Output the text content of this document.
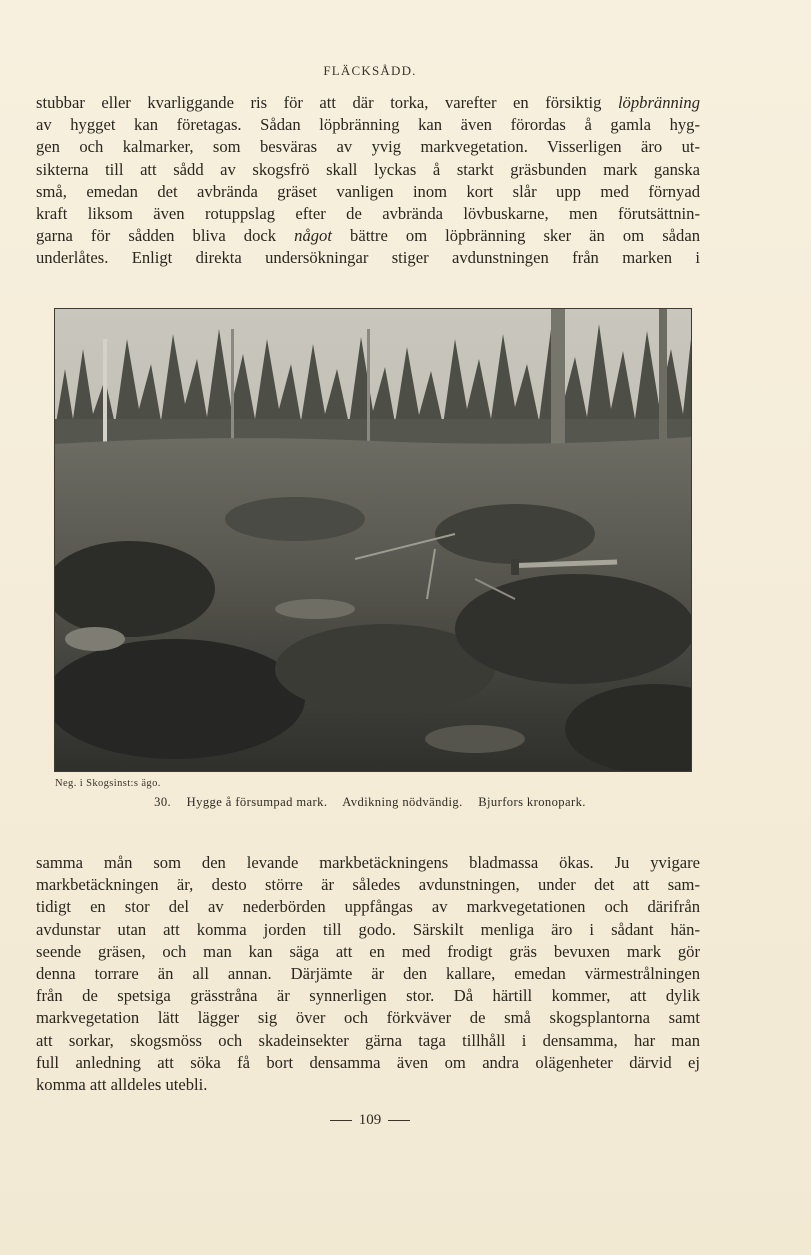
FLÄCKSÅDD.
stubbar eller kvarliggande ris för att där torka, varefter en försiktig löpbränning
av hygget kan företagas. Sådan löpbränning kan även förordas å gamla hyg-
gen och kalmarker, som besväras av yvig markvegetation. Visserligen äro ut-
sikterna till att sådd av skogsfrö skall lyckas å starkt gräsbunden mark ganska
små, emedan det avbrända gräset vanligen inom kort slår upp med förnyad
kraft liksom även rotuppslag efter de avbrända lövbuskarne, men förutsättnin-
garna för sådden bliva dock något bättre om löpbränning sker än om sådan
underlåtes. Enligt direkta undersökningar stiger avdunstningen från marken i
Neg. i Skogsinst:s ägo.
30. Hygge å försumpad mark. Avdikning nödvändig. Bjurfors kronopark.
samma mån som den levande markbetäckningens bladmassa ökas. Ju yvigare
markbetäckningen är, desto större är således avdunstningen, under det att sam-
tidigt en stor del av nederbörden uppfångas av markvegetationen och därifrån
avdunstar utan att komma jorden till godo. Särskilt menliga äro i sådant hän-
seende gräsen, och man kan säga att en med frodigt gräs bevuxen mark gör
denna torrare än all annan. Därjämte är den kallare, emedan värmestrålningen
från de spetsiga grässtråna är synnerligen stor. Då härtill kommer, att dylik
markvegetation lätt lägger sig över och förkväver de små skogsplantorna samt
att sorkar, skogsmöss och skadeinsekter gärna taga tillhåll i densamma, har man
full anledning att söka få bort densamma även om andra olägenheter därvid ej
komma att alldeles utebli.
109
